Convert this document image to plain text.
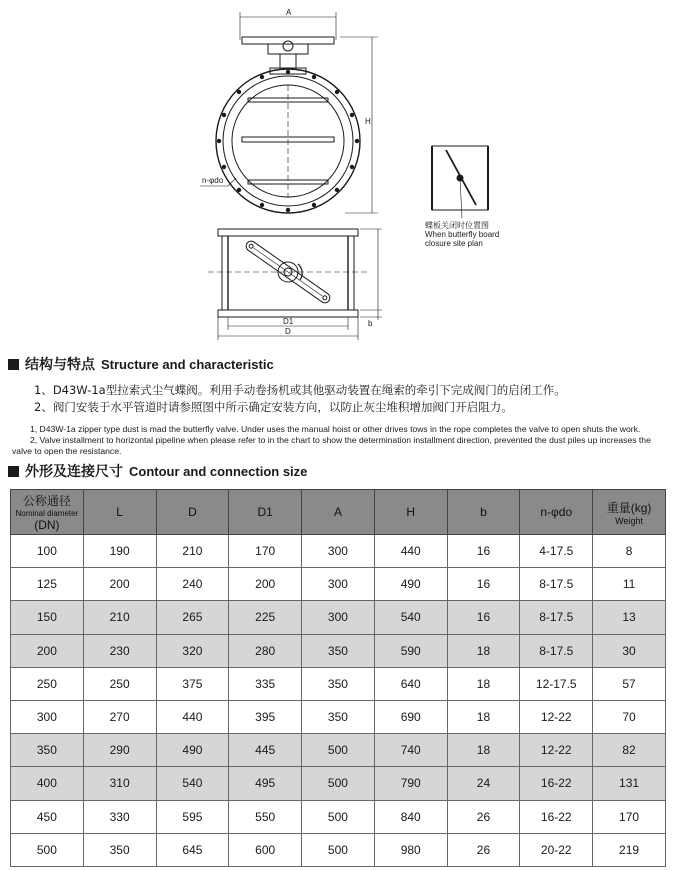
A
H
n-φdo
D1
D
b
蝶板关闭时位置图
When butterfly board
closure site plan
结构与特点 Structure and characteristic
1、D43W-1a型拉索式尘气蝶阀。利用手动卷扬机或其他驱动装置在绳索的牵引下完成阀门的启闭工作。
2、阀门安装于水平管道时请参照图中所示确定安装方向，以防止灰尘堆积增加阀门开启阻力。
1, D43W-1a zipper type dust is mad the butterfly valve. Under uses the manual hoist or other drives tows in the rope completes the valve to open shuts the work.
2, Valve installment to horizontal pipeline when please refer to in the chart to show the determination installment direction, prevented the dust piles up increases the valve to open the resistance.
外形及连接尺寸 Contour and connection size
公称通径
Nominal diameter
(DN)	L	D	D1	A	H	b	n-φdo	重量(kg)
Weight

100	190	210	170	300	440	16	4-17.5	8
125	200	240	200	300	490	16	8-17.5	11
150	210	265	225	300	540	16	8-17.5	13
200	230	320	280	350	590	18	8-17.5	30
250	250	375	335	350	640	18	12-17.5	57
300	270	440	395	350	690	18	12-22	70
350	290	490	445	500	740	18	12-22	82
400	310	540	495	500	790	24	16-22	131
450	330	595	550	500	840	26	16-22	170
500	350	645	600	500	980	26	20-22	219
